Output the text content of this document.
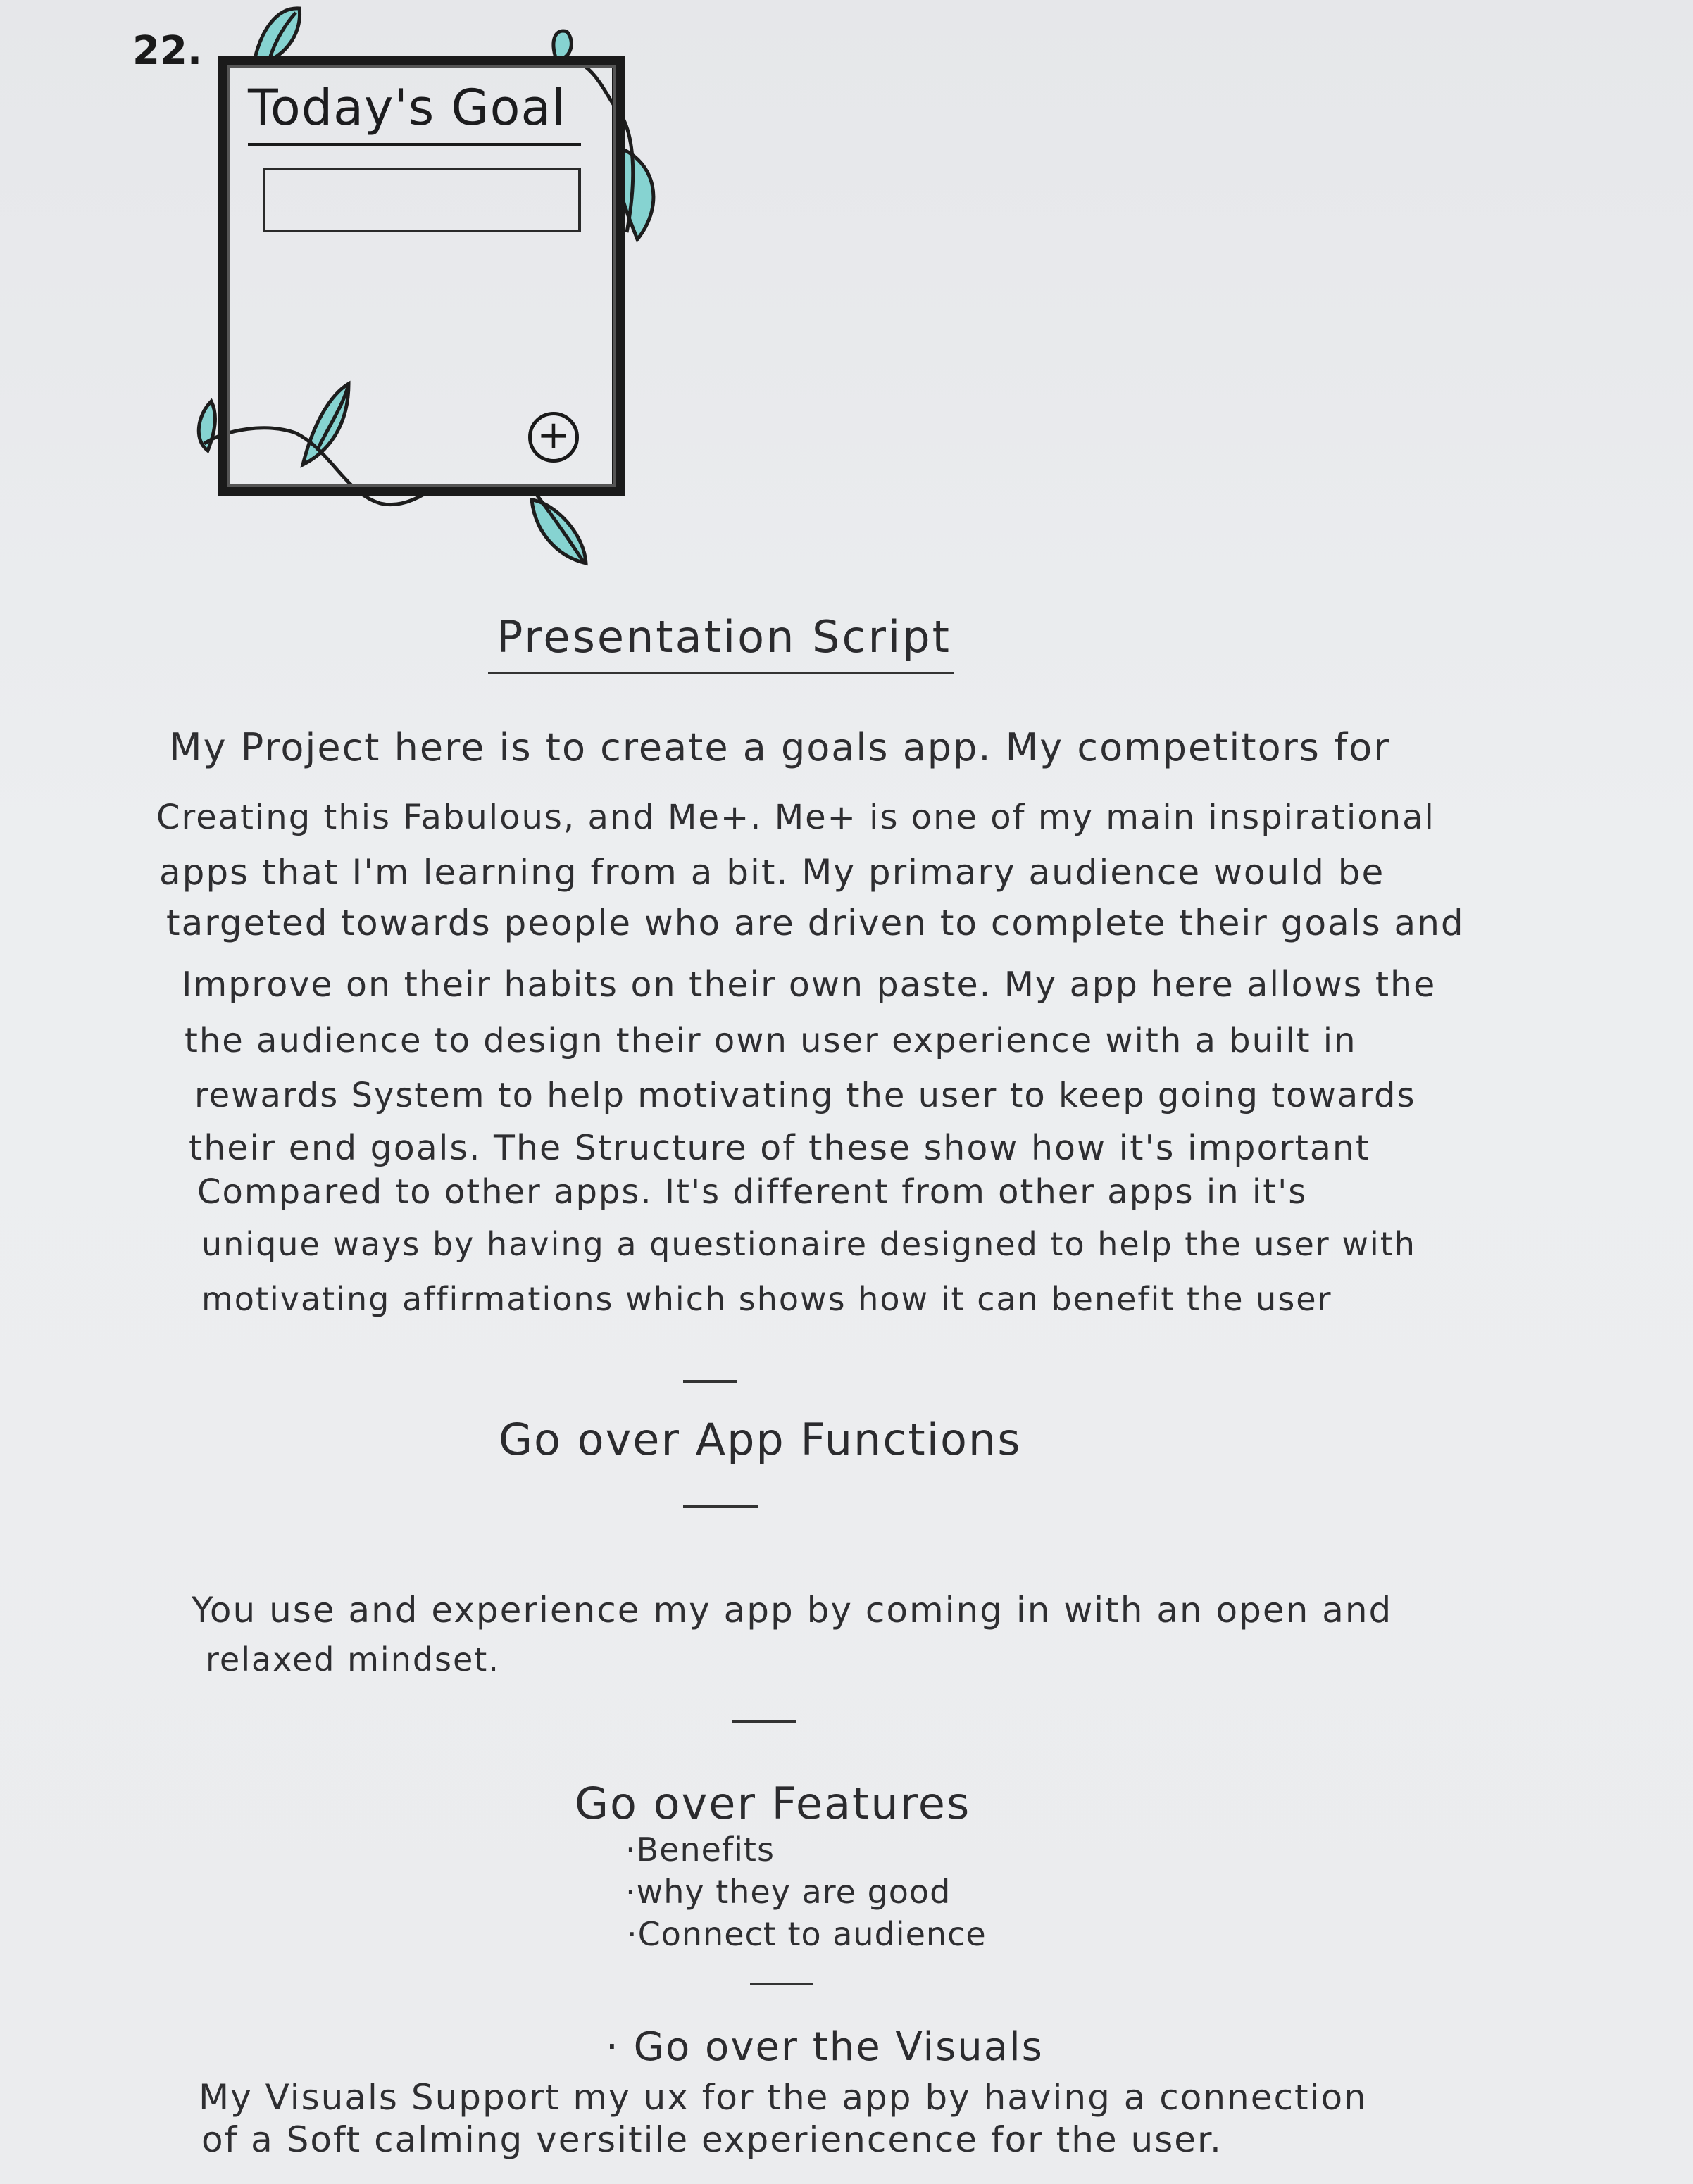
22.
Today's Goal
+
Presentation Script
My Project here is to create a goals app. My competitors for
Creating this Fabulous, and Me+. Me+ is one of my main inspirational
apps that I'm learning from a bit. My primary audience would be
targeted towards people who are driven to complete their goals and
Improve on their habits on their own paste. My app here allows the
the audience to design their own user experience with a built in
rewards System to help motivating the user to keep going towards
their end goals. The Structure of these show how it's important
Compared to other apps. It's different from other apps in it's
unique ways by having a questionaire designed to help the user with
motivating affirmations which shows how it can benefit the user
Go over App Functions
You use and experience my app by coming in with an open and
relaxed mindset.
Go over Features
·Benefits
·why they are good
·Connect to audience
· Go over the Visuals
My Visuals Support my ux for the app by having a connection
of a Soft calming versitile experiencence for the user.
